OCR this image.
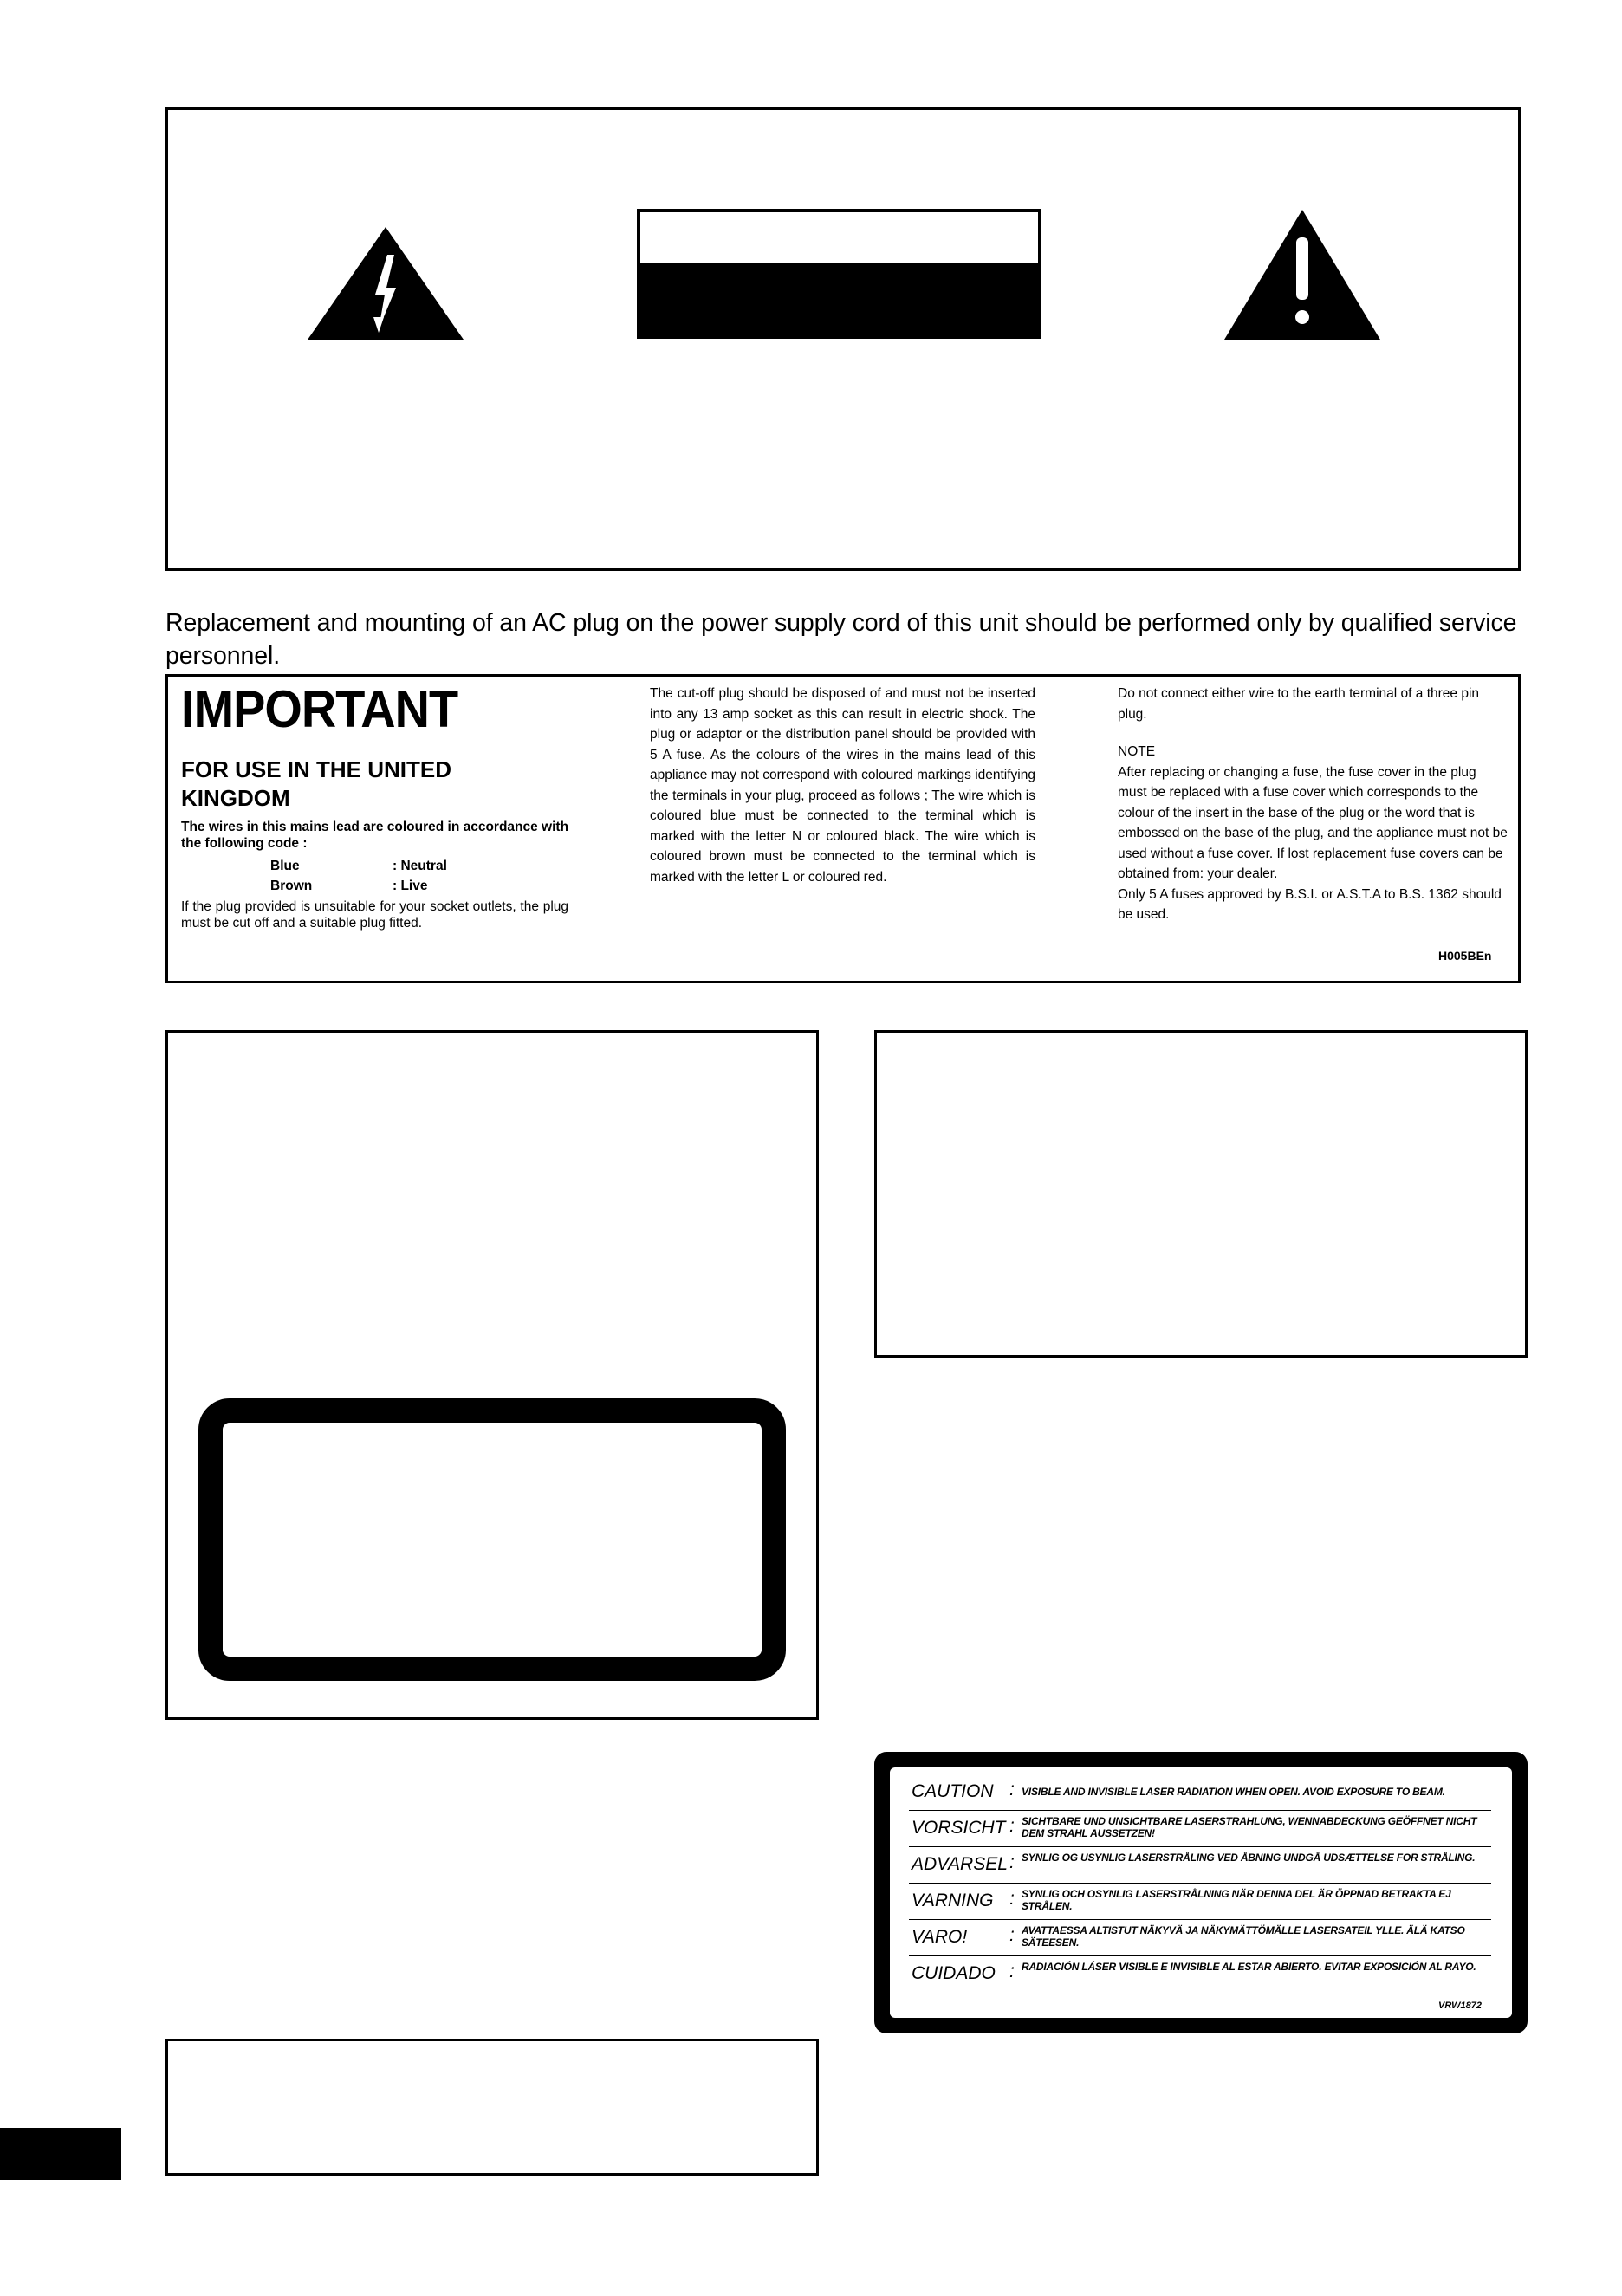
Replacement and mounting of an AC plug on the power supply cord of this unit should be performed only by qualified service personnel.
IMPORTANT
FOR USE IN THE UNITED KINGDOM
The wires in this mains lead are coloured in accordance with the following code :
Blue	: Neutral
Brown	: Live
If the plug provided is unsuitable for your socket outlets, the plug must be cut off and a suitable plug fitted.
The cut-off plug should be disposed of and must not be inserted into any 13 amp socket as this can result in electric shock. The plug or adaptor or the distribution panel should be provided with 5 A fuse. As the colours of the wires in the mains lead of this appliance may not correspond with coloured markings identifying the terminals in your plug, proceed as follows ; The wire which is coloured blue must be connected to the terminal which is marked with the letter N or coloured black. The wire which is coloured brown must be connected to the terminal which is marked with the letter L or coloured red.

Do not connect either wire to the earth terminal of a three pin plug.

NOTE

After replacing or changing a fuse, the fuse cover in the plug must be replaced with a fuse cover which corresponds to the colour of the insert in the base of the plug or the word that is embossed on the base of the plug, and the appliance must not be used without a fuse cover. If lost replacement fuse covers can be obtained from: your dealer.

Only 5 A fuses approved by B.S.I. or A.S.T.A to B.S. 1362 should be used.

H005BEn
CAUTION : VISIBLE AND INVISIBLE LASER RADIATION WHEN OPEN. AVOID EXPOSURE TO BEAM.
VORSICHT : SICHTBARE UND UNSICHTBARE LASERSTRAHLUNG, WENNABDECKUNG GEÖFFNET NICHT DEM STRAHL AUSSETZEN!
ADVARSEL : SYNLIG OG USYNLIG LASERSTRÅLING VED ÅBNING UNDGÅ UDSÆTTELSE FOR STRÅLING.
VARNING : SYNLIG OCH OSYNLIG LASERSTRÅLNING NÄR DENNA DEL ÄR ÖPPNAD BETRAKTA EJ STRÅLEN.
VARO! : AVATTAESSA ALTISTUT NÄKYVÄ JA NÄKYMÄTTÖMÄLLE LASERSATEIL YLLE. ÄLÄ KATSO SÄTEESEN.
CUIDADO : RADIACIÓN LÁSER VISIBLE E INVISIBLE AL ESTAR ABIERTO. EVITAR EXPOSICIÓN AL RAYO.
VRW1872
